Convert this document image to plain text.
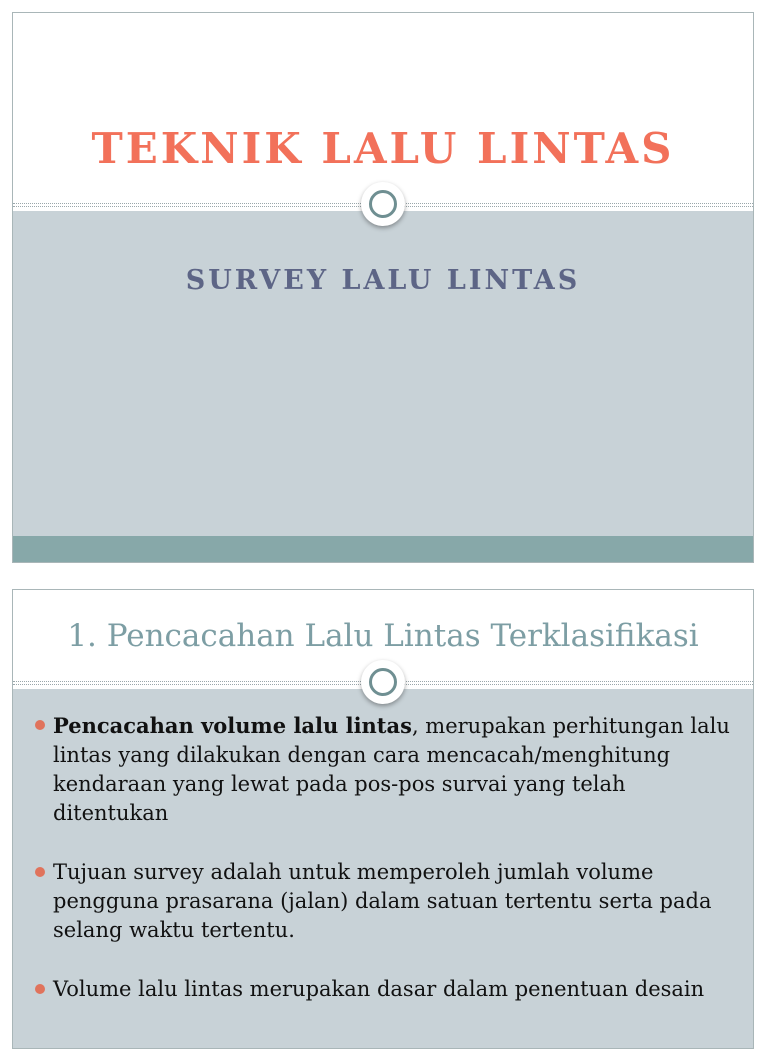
TEKNIK LALU LINTAS
SURVEY LALU LINTAS
1. Pencacahan Lalu Lintas Terklasifikasi
Pencacahan volume lalu lintas, merupakan perhitungan lalu lintas yang dilakukan dengan cara mencacah/menghitung kendaraan yang lewat pada pos-pos survai yang telah ditentukan
Tujuan survey adalah untuk memperoleh jumlah volume pengguna prasarana (jalan) dalam satuan tertentu serta pada selang waktu tertentu.
Volume lalu lintas merupakan dasar dalam penentuan desain
